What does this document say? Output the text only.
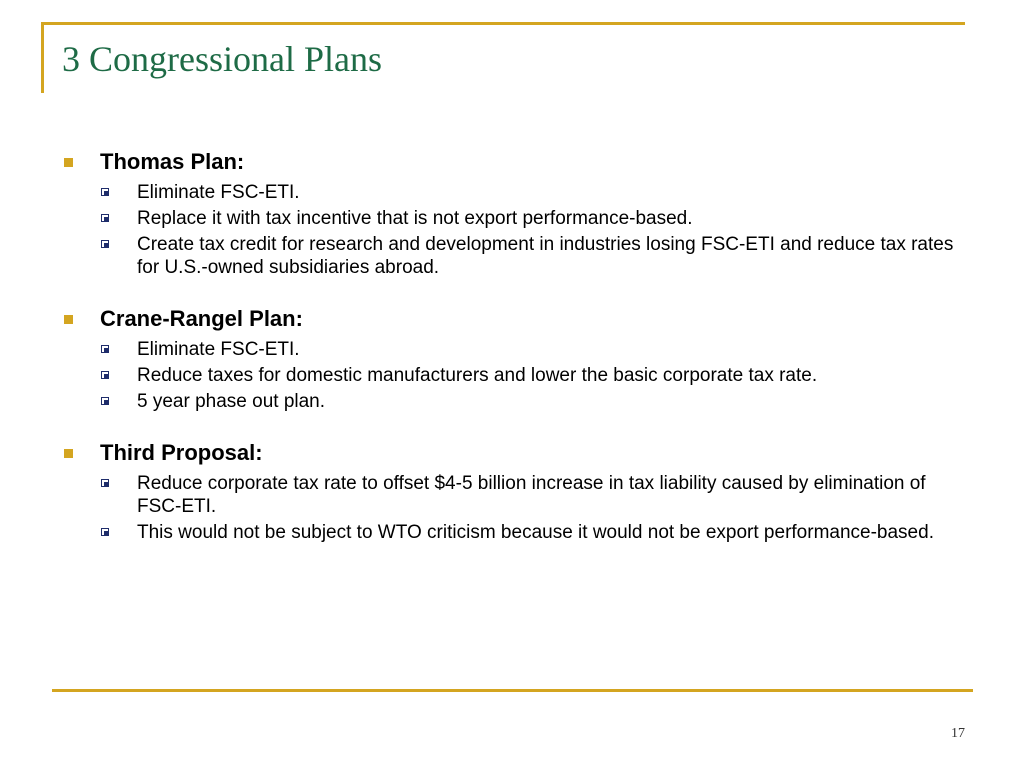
3 Congressional Plans
Thomas Plan:
Eliminate FSC-ETI.
Replace it with tax incentive that is not export performance-based.
Create tax credit for research and development in industries losing FSC-ETI and reduce tax rates for U.S.-owned subsidiaries abroad.
Crane-Rangel Plan:
Eliminate FSC-ETI.
Reduce taxes for domestic manufacturers and lower the basic corporate tax rate.
5 year phase out plan.
Third Proposal:
Reduce corporate tax rate to offset $4-5 billion increase in tax liability caused by elimination of FSC-ETI.
This would not be subject to WTO criticism because it would not be export performance-based.
17
